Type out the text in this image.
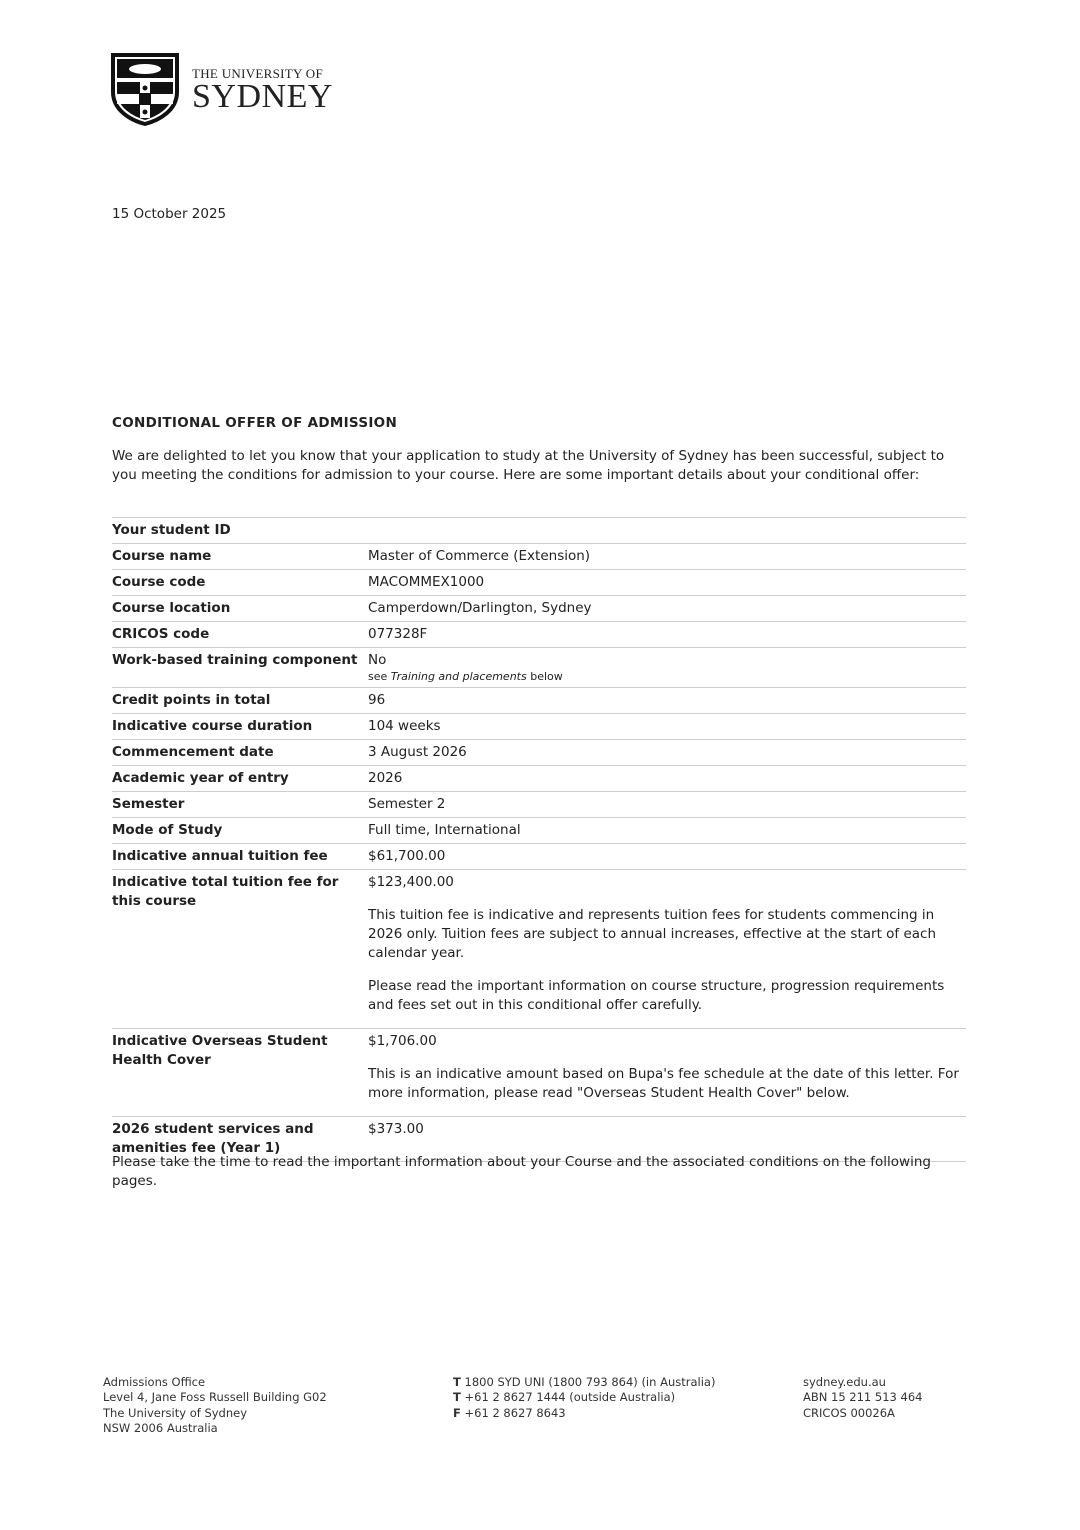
THE UNIVERSITY OF
SYDNEY
15 October 2025
CONDITIONAL OFFER OF ADMISSION
We are delighted to let you know that your application to study at the University of Sydney has been successful, subject to you meeting the conditions for admission to your course. Here are some important details about your conditional offer:
Your student ID	
Course name	Master of Commerce (Extension)
Course code	MACOMMEX1000
Course location	Camperdown/Darlington, Sydney
CRICOS code	077328F
Work-based training component	No
see Training and placements below

Credit points in total	96
Indicative course duration	104 weeks
Commencement date	3 August 2026
Academic year of entry	2026
Semester	Semester 2
Mode of Study	Full time, International
Indicative annual tuition fee	$61,700.00
Indicative total tuition fee for this course	$123,400.00
This tuition fee is indicative and represents tuition fees for students commencing in 2026 only. Tuition fees are subject to annual increases, effective at the start of each calendar year.
Please read the important information on course structure, progression requirements and fees set out in this conditional offer carefully.

Indicative Overseas Student Health Cover	$1,706.00
This is an indicative amount based on Bupa's fee schedule at the date of this letter. For more information, please read "Overseas Student Health Cover" below.

2026 student services and amenities fee (Year 1)	$373.00
Please take the time to read the important information about your Course and the associated conditions on the following pages.
Admissions Office
Level 4, Jane Foss Russell Building G02
The University of Sydney
NSW 2006 Australia
T 1800 SYD UNI (1800 793 864) (in Australia)
T +61 2 8627 1444 (outside Australia)
F +61 2 8627 8643
sydney.edu.au
ABN 15 211 513 464
CRICOS 00026A
